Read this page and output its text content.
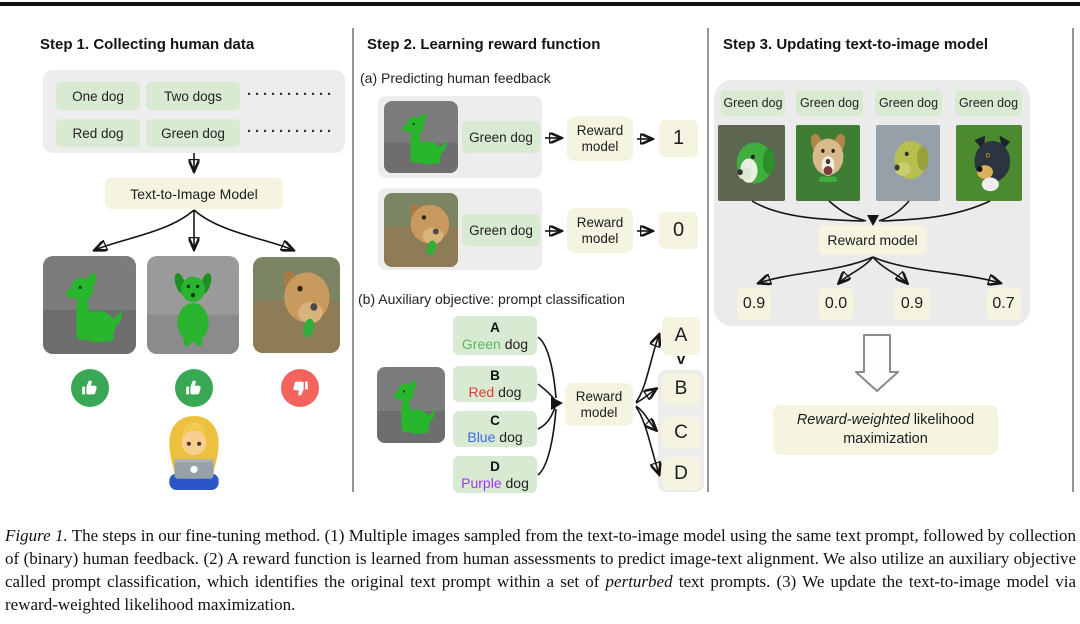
Step 1. Collecting human data
One dog	Two dogs	···········
Red dog	Green dog	···········
Text-to-Image Model
Step 2. Learning reward function
(a) Predicting human feedback
Green dog	Reward
model	1
Green dog
Reward
model	0
(b) Auxiliary objective: prompt classification
A
Green dog
B
Red dog
C
Blue dog
D
Purple dog
Reward
model
A
v
B
C
D
Step 3. Updating text-to-image model
Green dog	Green dog	Green dog	Green dog
Reward model
0.9	0.0	0.9	0.7
Reward-weighted likelihood maximization

Figure 1. The steps in our fine-tuning method. (1) Multiple images sampled from the text-to-image model using the same text prompt, followed by collection of (binary) human feedback. (2) A reward function is learned from human assessments to predict image-text alignment. We also utilize an auxiliary objective called prompt classification, which identifies the original text prompt within a set of perturbed text prompts. (3) We update the text-to-image model via reward-weighted likelihood maximization.
